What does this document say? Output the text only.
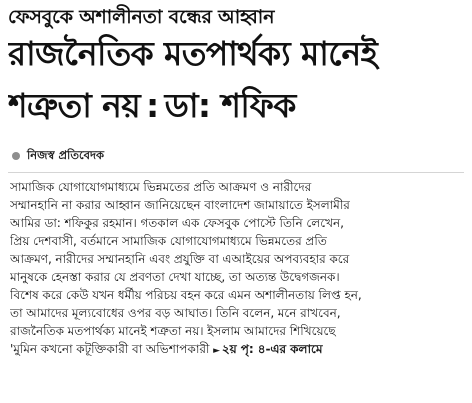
ফেসবুকে অশালীনতা বন্ধের আহ্বান
রাজনৈতিক মতপার্থক্য মানেই
শত্রুতা নয় : ডা: শফিক
নিজস্ব প্রতিবেদক
সামাজিক যোগাযোগমাধ্যমে ভিন্নমতের প্রতি আক্রমণ ও নারীদের
সম্মানহানি না করার আহ্বান জানিয়েছেন বাংলাদেশ জামায়াতে ইসলামীর
আমির ডা: শফিকুর রহমান। গতকাল এক ফেসবুক পোস্টে তিনি লেখেন,
প্রিয় দেশবাসী, বর্তমানে সামাজিক যোগাযোগমাধ্যমে ভিন্নমতের প্রতি
আক্রমণ, নারীদের সম্মানহানি এবং প্রযুক্তি বা এআইয়ের অপব্যবহার করে
মানুষকে হেনস্তা করার যে প্রবণতা দেখা যাচ্ছে, তা অত্যন্ত উদ্বেগজনক।
বিশেষ করে কেউ যখন ধর্মীয় পরিচয় বহন করে এমন অশালীনতায় লিপ্ত হন,
তা আমাদের মূল্যবোধের ওপর বড় আঘাত। তিনি বলেন, মনে রাখবেন,
রাজনৈতিক মতপার্থক্য মানেই শত্রুতা নয়। ইসলাম আমাদের শিখিয়েছে
'মুমিন কখনো কটূক্তিকারী বা অভিশাপকারী ► ২য় পৃ: ৪-এর কলামে
